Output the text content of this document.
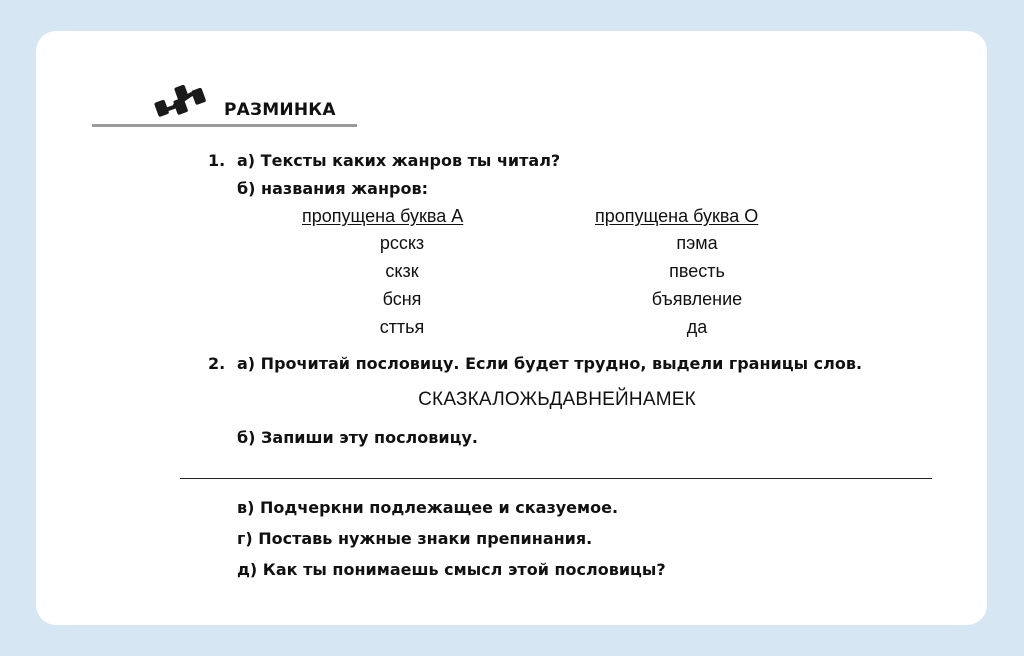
РАЗМИНКА
1. а) Тексты каких жанров ты читал?
б) названия жанров:
пропущена буква А	пропущена буква О
рсскз
скзк
бсня
сттья
пэма
пвесть
бъявление
да
2. а) Прочитай пословицу. Если будет трудно, выдели границы слов.
СКАЗКАЛОЖЬДАВНЕЙНАМЕК
б) Запиши эту пословицу.
в) Подчеркни подлежащее и сказуемое.
г) Поставь нужные знаки препинания.
д) Как ты понимаешь смысл этой пословицы?
